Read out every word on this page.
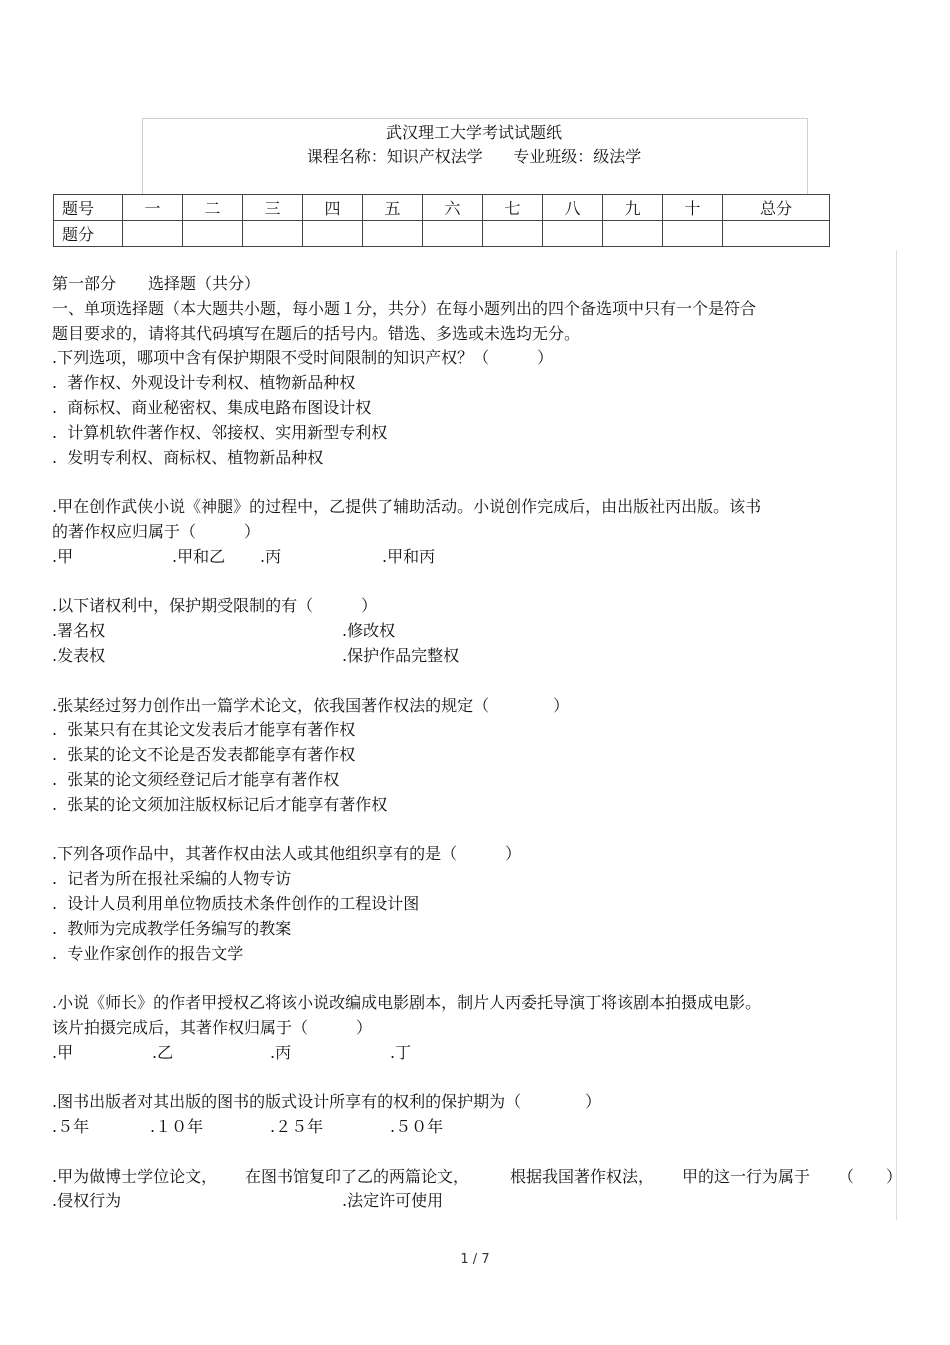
武汉理工大学考试试题纸
课程名称：知识产权法学 专业班级：级法学
题号	一	二	三	四	五	六	七	八	九	十	总分
题分											

第一部分

选择题（共分）

一、单项选择题（本大题共小题，每小题１分，共分）在每小题列出的四个备选项中只有一个是符合
题目要求的，请将其代码填写在题后的括号内。错选、多选或未选均无分。
.下列选项，哪项中含有保护期限不受时间限制的知识产权？（　　　）
.  著作权、外观设计专利权、植物新品种权
.  商标权、商业秘密权、集成电路布图设计权
.  计算机软件著作权、邻接权、实用新型专利权
.  发明专利权、商标权、植物新品种权
.甲在创作武侠小说《神腿》的过程中，乙提供了辅助活动。小说创作完成后，由出版社丙出版。该书
的著作权应归属于（　　　）

.甲

	.甲和乙

.丙

	.甲和丙

.以下诸权利中，保护期受限制的有（　　　）

.署名权

	.修改权

.发表权

	.保护作品完整权

.张某经过努力创作出一篇学术论文，依我国著作权法的规定（　　　　）
.  张某只有在其论文发表后才能享有著作权
.  张某的论文不论是否发表都能享有著作权
.  张某的论文须经登记后才能享有著作权
.  张某的论文须加注版权标记后才能享有著作权
.下列各项作品中，其著作权由法人或其他组织享有的是（　　　）
.  记者为所在报社采编的人物专访
.  设计人员利用单位物质技术条件创作的工程设计图
.  教师为完成教学任务编写的教案
.  专业作家创作的报告文学
.小说《师长》的作者甲授权乙将该小说改编成电影剧本，制片人丙委托导演丁将该剧本拍摄成电影。
该片拍摄完成后，其著作权归属于（　　　）

.甲

	.乙

	.丙

	.丁

.图书出版者对其出版的图书的版式设计所享有的权利的保护期为（　　　　）

.５年

	.１０年

	.２５年

	.５０年

.甲为做博士学位论文，

在图书馆复印了乙的两篇论文，

	根据我国著作权法，

甲的这一行为属于

（　　）

.侵权行为

	.法定许可使用

1 / 7
